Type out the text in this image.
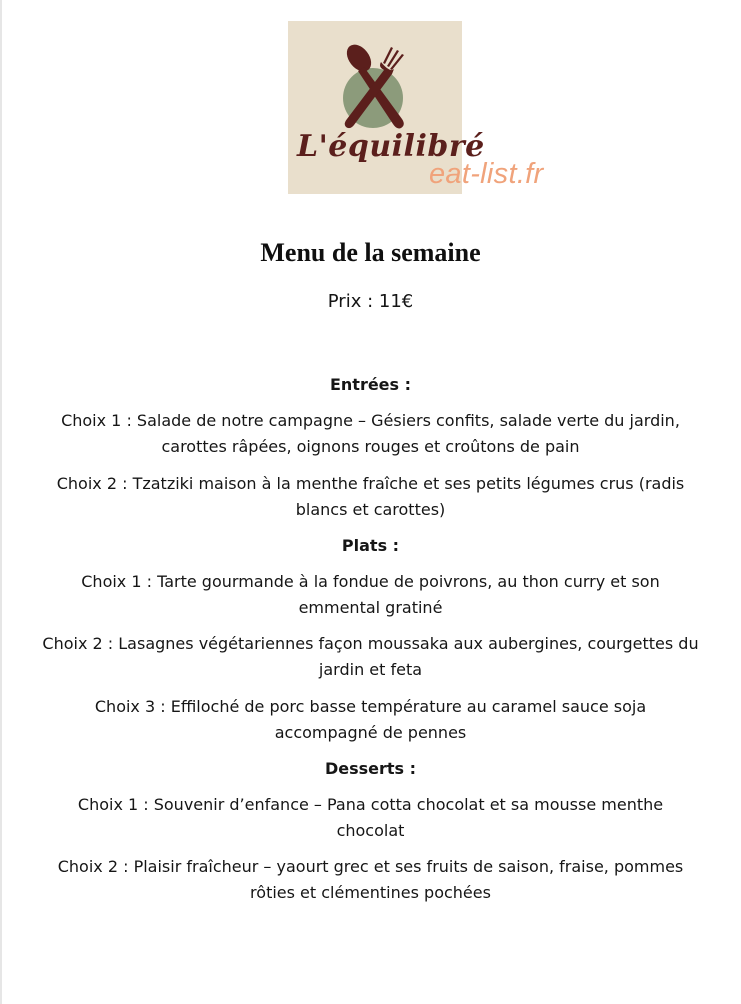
L'équilibré
eat-list.fr
Menu de la semaine
Prix : 11€
Entrées :
Choix 1 : Salade de notre campagne – Gésiers confits, salade verte du jardin,
carottes râpées, oignons rouges et croûtons de pain
Choix 2 : Tzatziki maison à la menthe fraîche et ses petits légumes crus (radis
blancs et carottes)
Plats :
Choix 1 : Tarte gourmande à la fondue de poivrons, au thon curry et son
emmental gratiné
Choix 2 : Lasagnes végétariennes façon moussaka aux aubergines, courgettes du
jardin et feta
Choix 3 : Effiloché de porc basse température au caramel sauce soja
accompagné de pennes
Desserts :
Choix 1 : Souvenir d’enfance – Pana cotta chocolat et sa mousse menthe
chocolat
Choix 2 : Plaisir fraîcheur – yaourt grec et ses fruits de saison, fraise, pommes
rôties et clémentines pochées
